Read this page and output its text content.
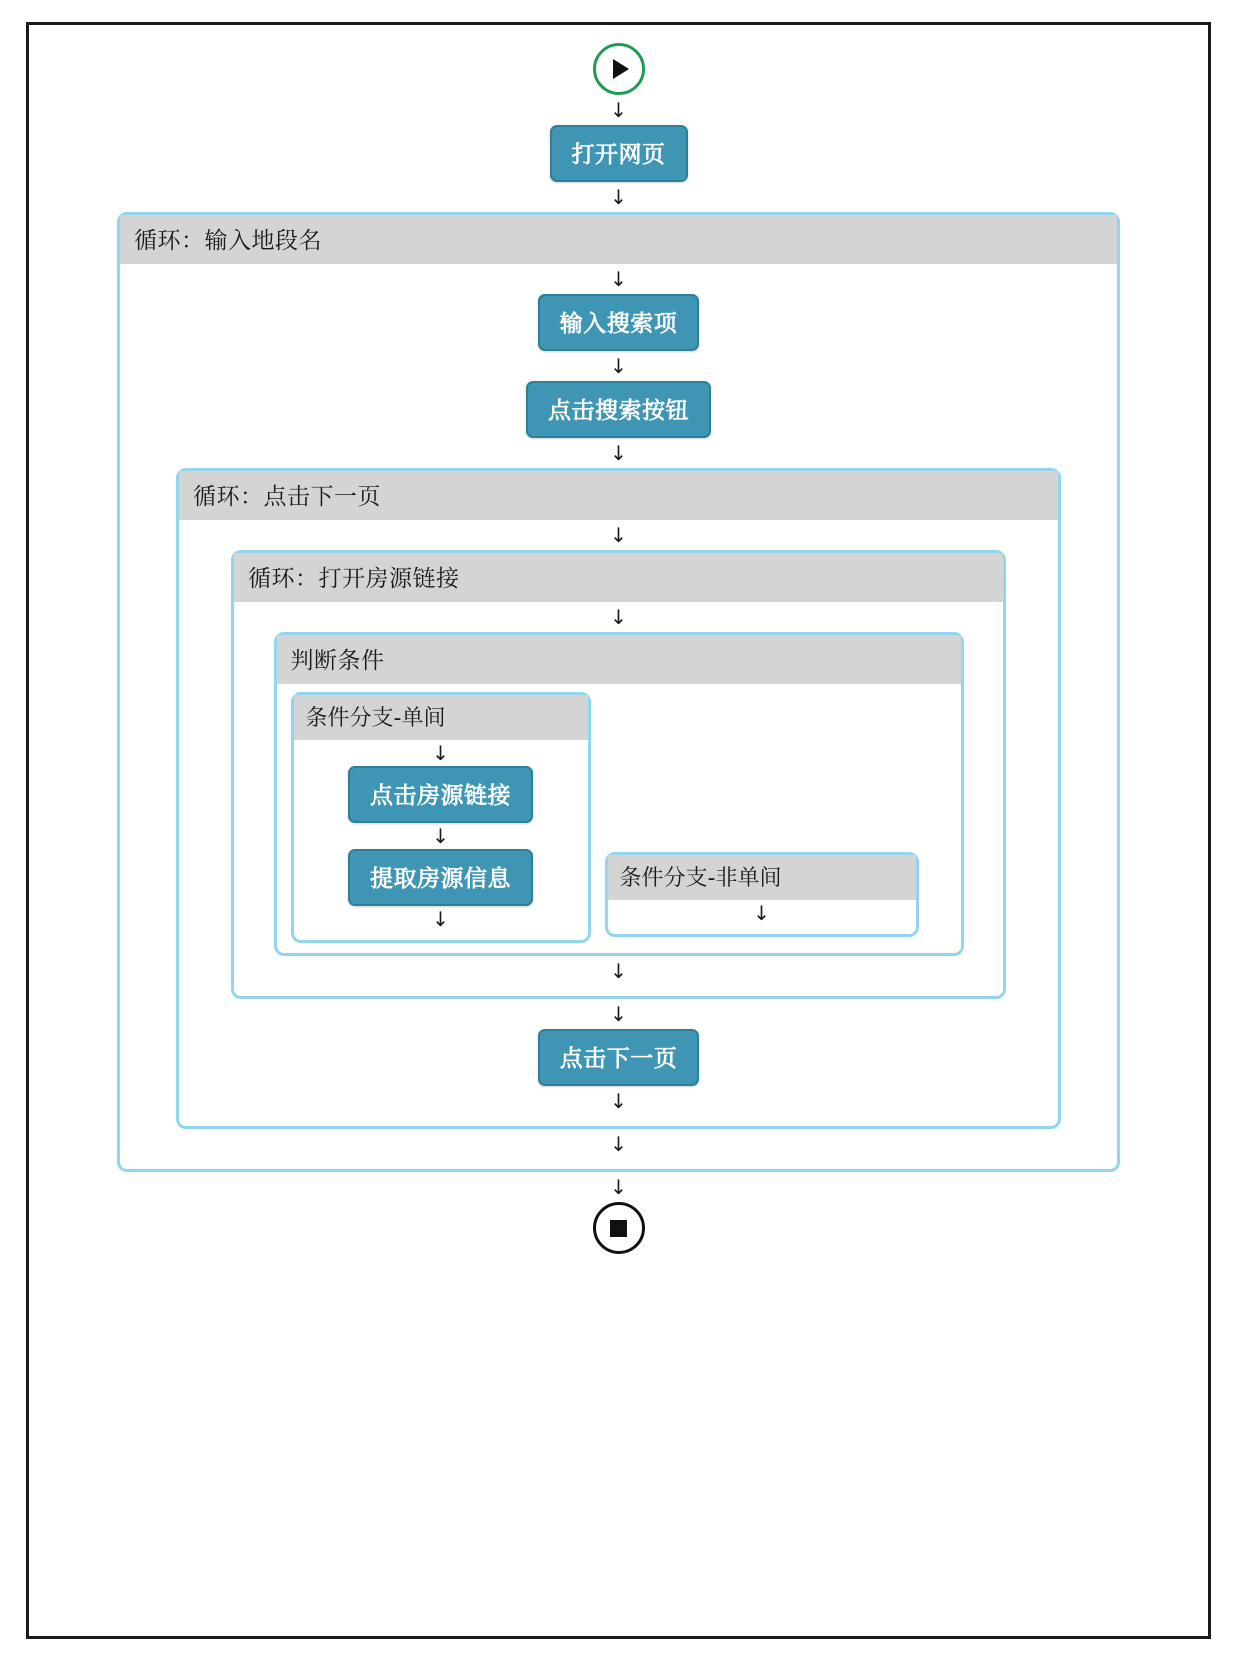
↓
打开网页
↓
循环：输入地段名
↓
输入搜索项
↓
点击搜索按钮
↓
循环：点击下一页
↓
循环：打开房源链接
↓
判断条件
条件分支-单间
↓
点击房源链接
↓
提取房源信息
↓
条件分支-非单间
↓
↓
↓
点击下一页
↓
↓
↓
